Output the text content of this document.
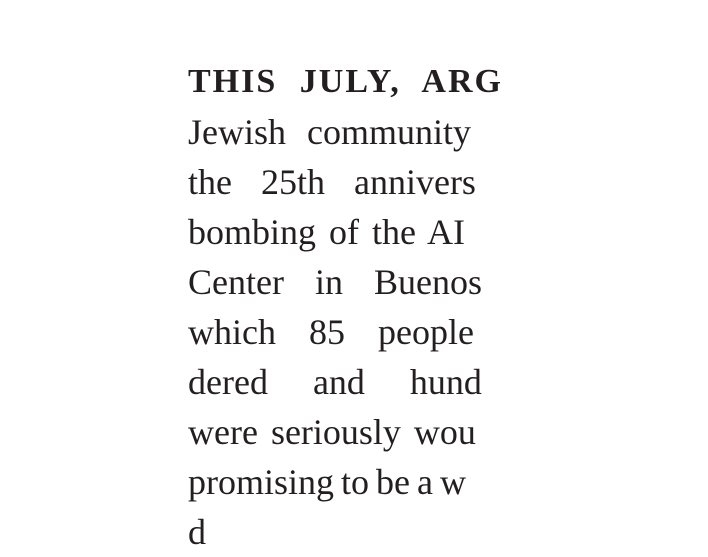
THIS JULY, ARG
Jewish community
the 25th annivers
bombing of the AI
Center in Buenos
which 85 people
dered and hund
were seriously wou
promising to be a w
d
